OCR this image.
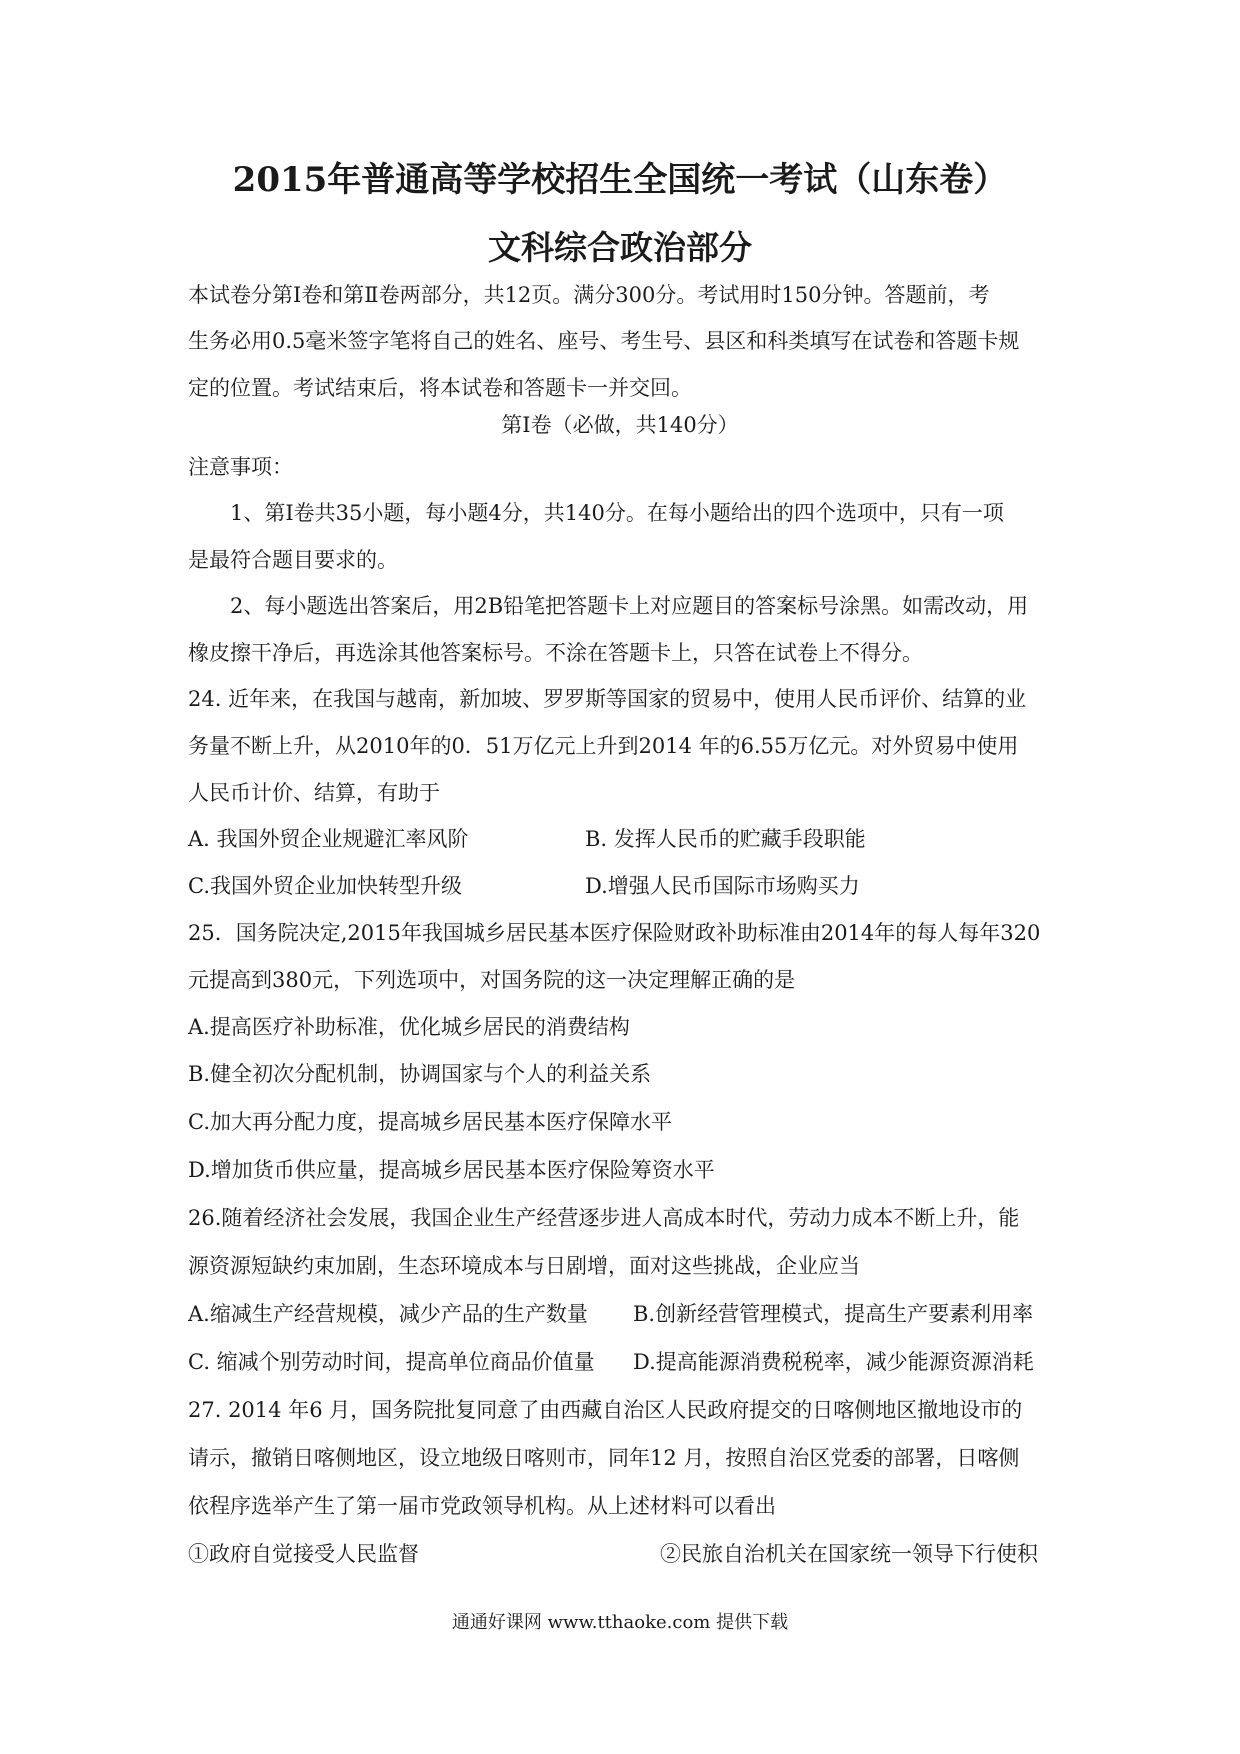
2015年普通高等学校招生全国统一考试（山东卷）
文科综合政治部分
本试卷分第Ⅰ卷和第Ⅱ卷两部分，共12页。满分300分。考试用时150分钟。答题前，考
生务必用0.5毫米签字笔将自己的姓名、座号、考生号、县区和科类填写在试卷和答题卡规
定的位置。考试结束后，将本试卷和答题卡一并交回。
第Ⅰ卷（必做，共140分）
注意事项：
1、第Ⅰ卷共35小题，每小题4分，共140分。在每小题给出的四个选项中，只有一项
是最符合题目要求的。
2、每小题选出答案后，用2B铅笔把答题卡上对应题目的答案标号涂黑。如需改动，用
橡皮擦干净后，再选涂其他答案标号。不涂在答题卡上，只答在试卷上不得分。
24. 近年来，在我国与越南，新加坡、罗罗斯等国家的贸易中，使用人民币评价、结算的业
务量不断上升，从2010年的0．51万亿元上升到2014 年的6.55万亿元。对外贸易中使用
人民币计价、结算，有助于
A. 我国外贸企业规避汇率风阶	B. 发挥人民币的贮藏手段职能
C.我国外贸企业加快转型升级	D.增强人民币国际市场购买力
25．国务院决定,2015年我国城乡居民基本医疗保险财政补助标准由2014年的每人每年320
元提高到380元，下列选项中，对国务院的这一决定理解正确的是
A.提高医疗补助标准，优化城乡居民的消费结构
B.健全初次分配机制，协调国家与个人的利益关系
C.加大再分配力度，提高城乡居民基本医疗保障水平
D.增加货币供应量，提高城乡居民基本医疗保险筹资水平
26.随着经济社会发展，我国企业生产经营逐步进人高成本时代，劳动力成本不断上升，能
源资源短缺约束加剧，生态环境成本与日剧增，面对这些挑战，企业应当
A.缩减生产经营规模，减少产品的生产数量 B.创新经营管理模式，提高生产要素利用率
C. 缩减个别劳动时间，提高单位商品价值量 D.提高能源消费税税率，减少能源资源消耗
27. 2014 年6 月，国务院批复同意了由西藏自治区人民政府提交的日喀侧地区撤地设市的
请示，撤销日喀侧地区，设立地级日喀则市，同年12 月，按照自治区党委的部署，日喀侧
依程序选举产生了第一届市党政领导机构。从上述材料可以看出
①政府自觉接受人民监督	②民旅自治机关在国家统一领导下行使积
通通好课网 www.tthaoke.com 提供下载
